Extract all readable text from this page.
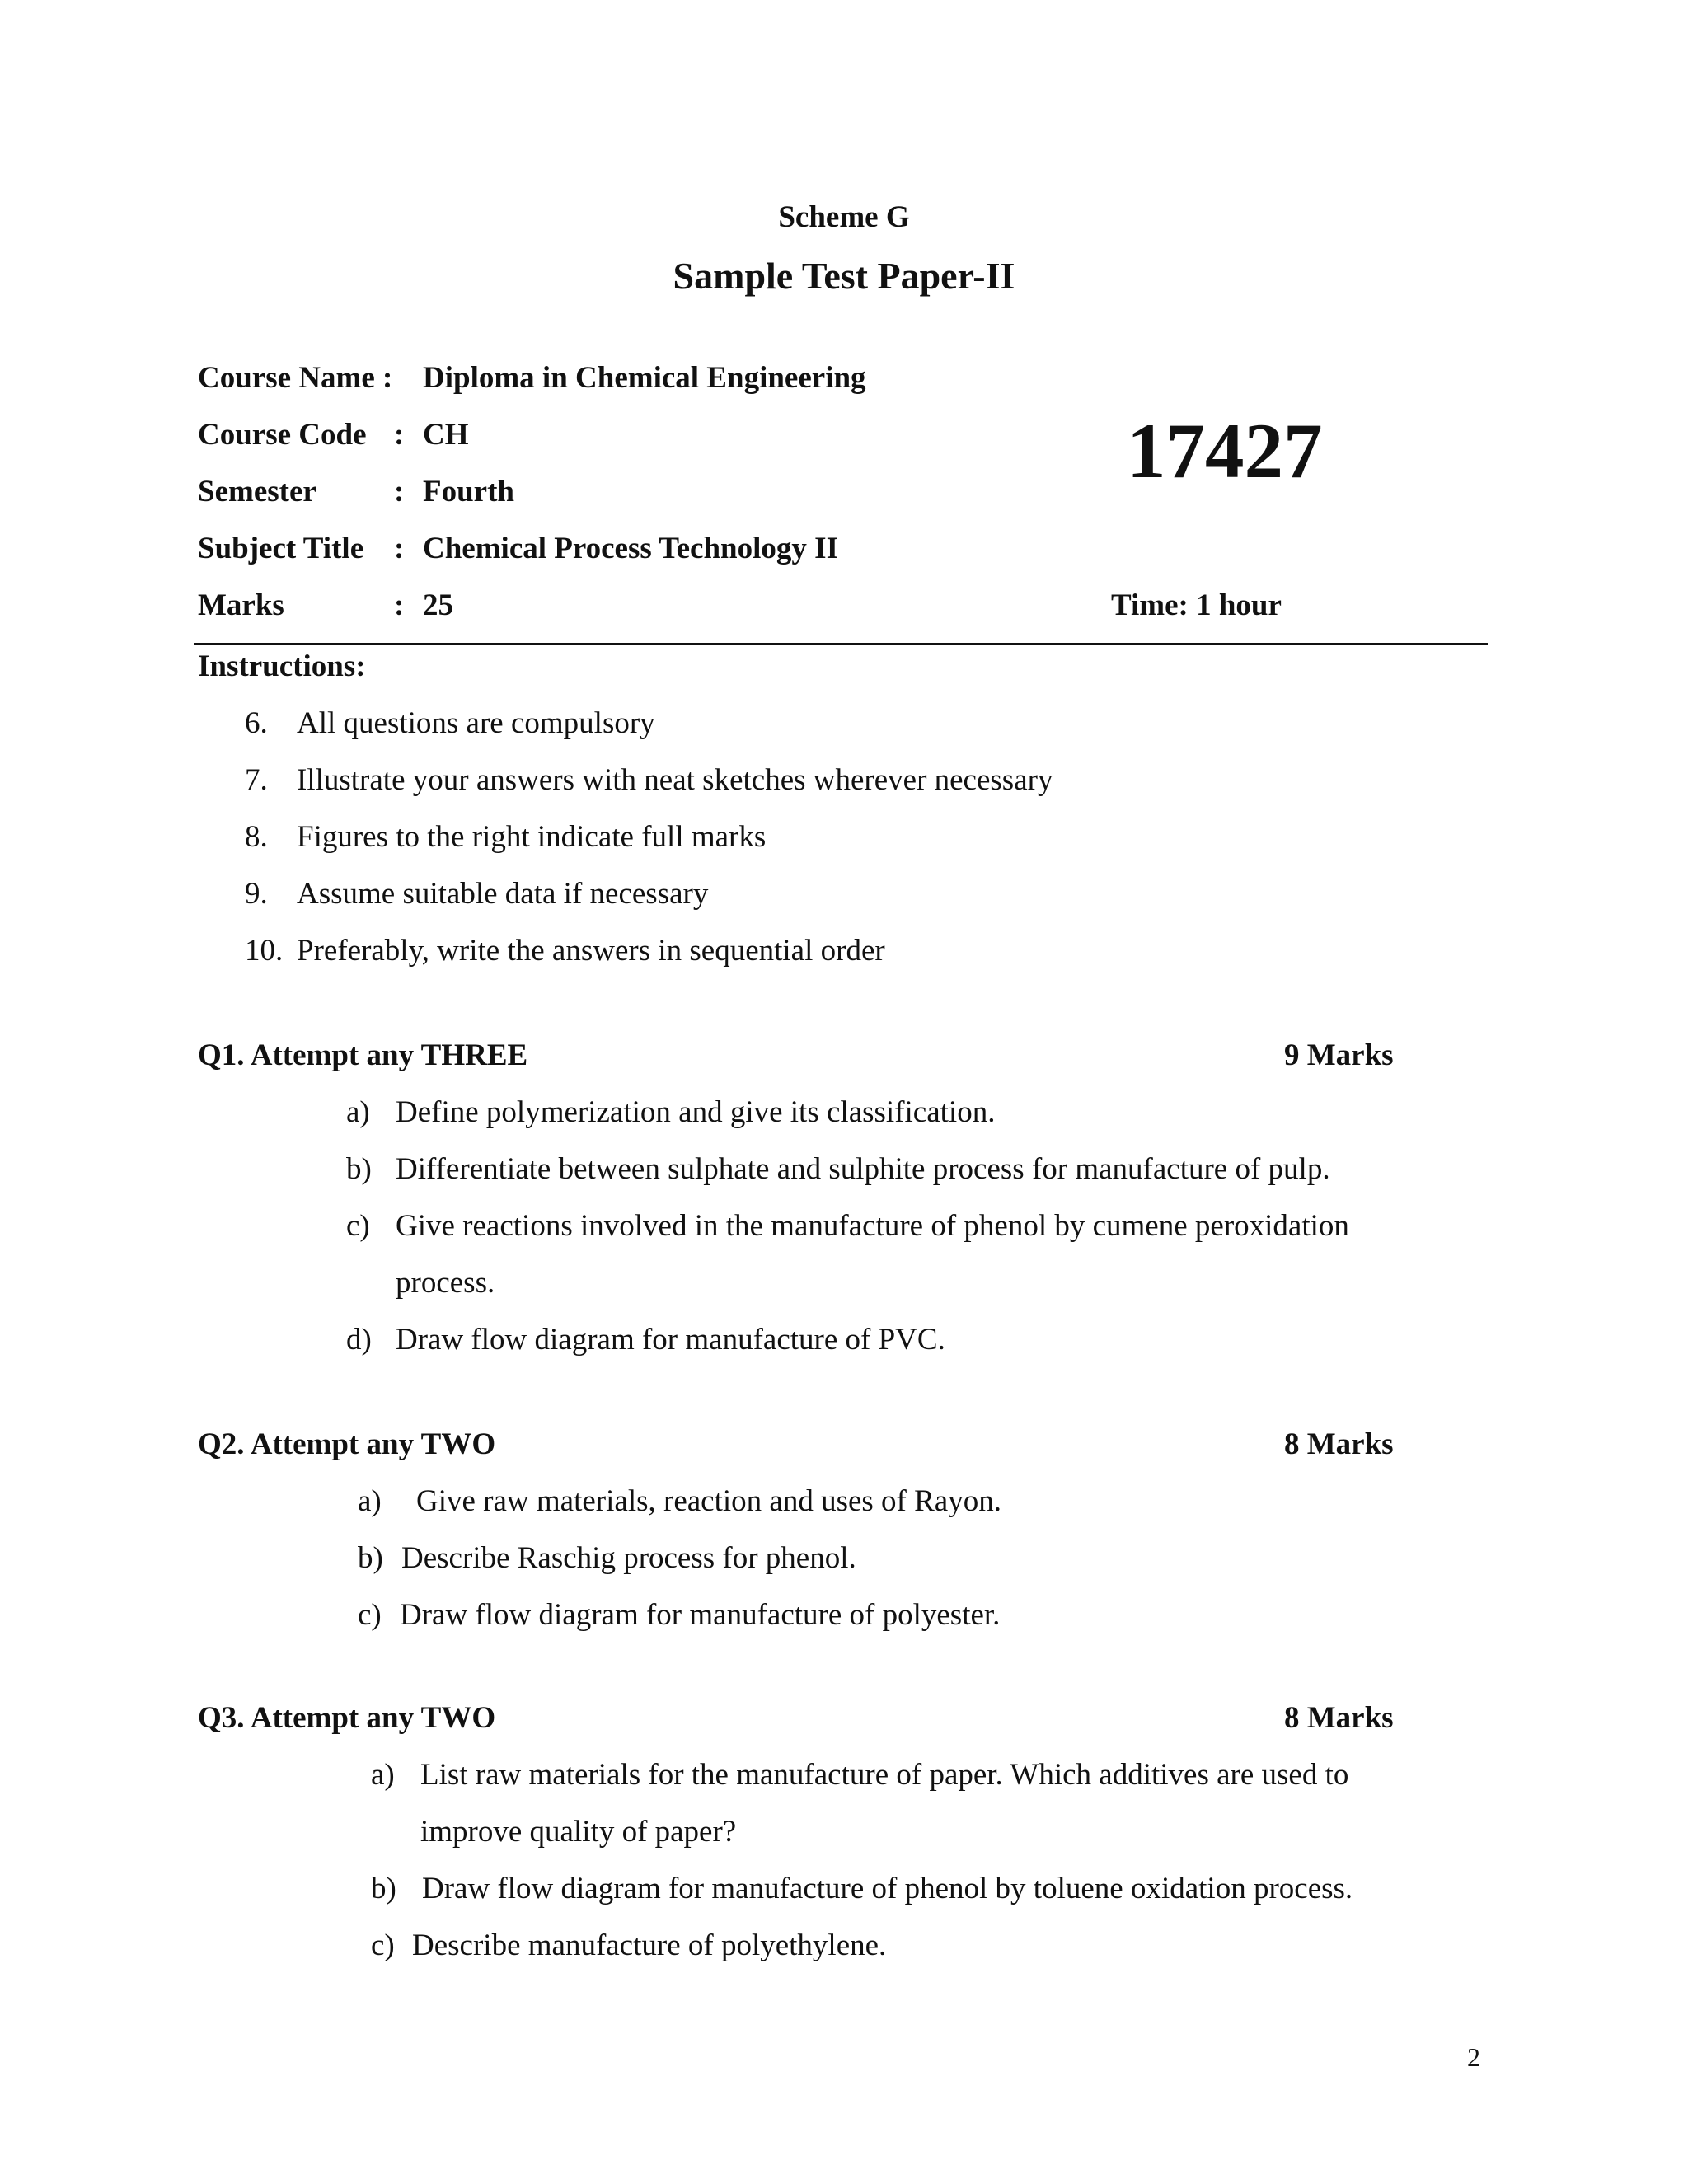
Scheme G
Sample Test Paper-II
Course Name : Diploma in Chemical Engineering
Course Code : CH
Semester	: Fourth
Subject Title : Chemical Process Technology II
Marks	: 25
17427
Time: 1 hour
Instructions:
6. All questions are compulsory
7. Illustrate your answers with neat sketches wherever necessary
8. Figures to the right indicate full marks
9. Assume suitable data if necessary
10. Preferably, write the answers in sequential order
Q1. Attempt any THREE	9 Marks
a) Define polymerization and give its classification.
b) Differentiate between sulphate and sulphite process for manufacture of pulp.
c) Give reactions involved in the manufacture of phenol by cumene peroxidation
process.
d) Draw flow diagram for manufacture of PVC.
Q2. Attempt any TWO	8 Marks
a) Give raw materials, reaction and uses of Rayon.
b) Describe Raschig process for phenol.
c) Draw flow diagram for manufacture of polyester.
Q3. Attempt any TWO	8 Marks
a) List raw materials for the manufacture of paper. Which additives are used to
improve quality of paper?
b) Draw flow diagram for manufacture of phenol by toluene oxidation process.
c) Describe manufacture of polyethylene.
2
